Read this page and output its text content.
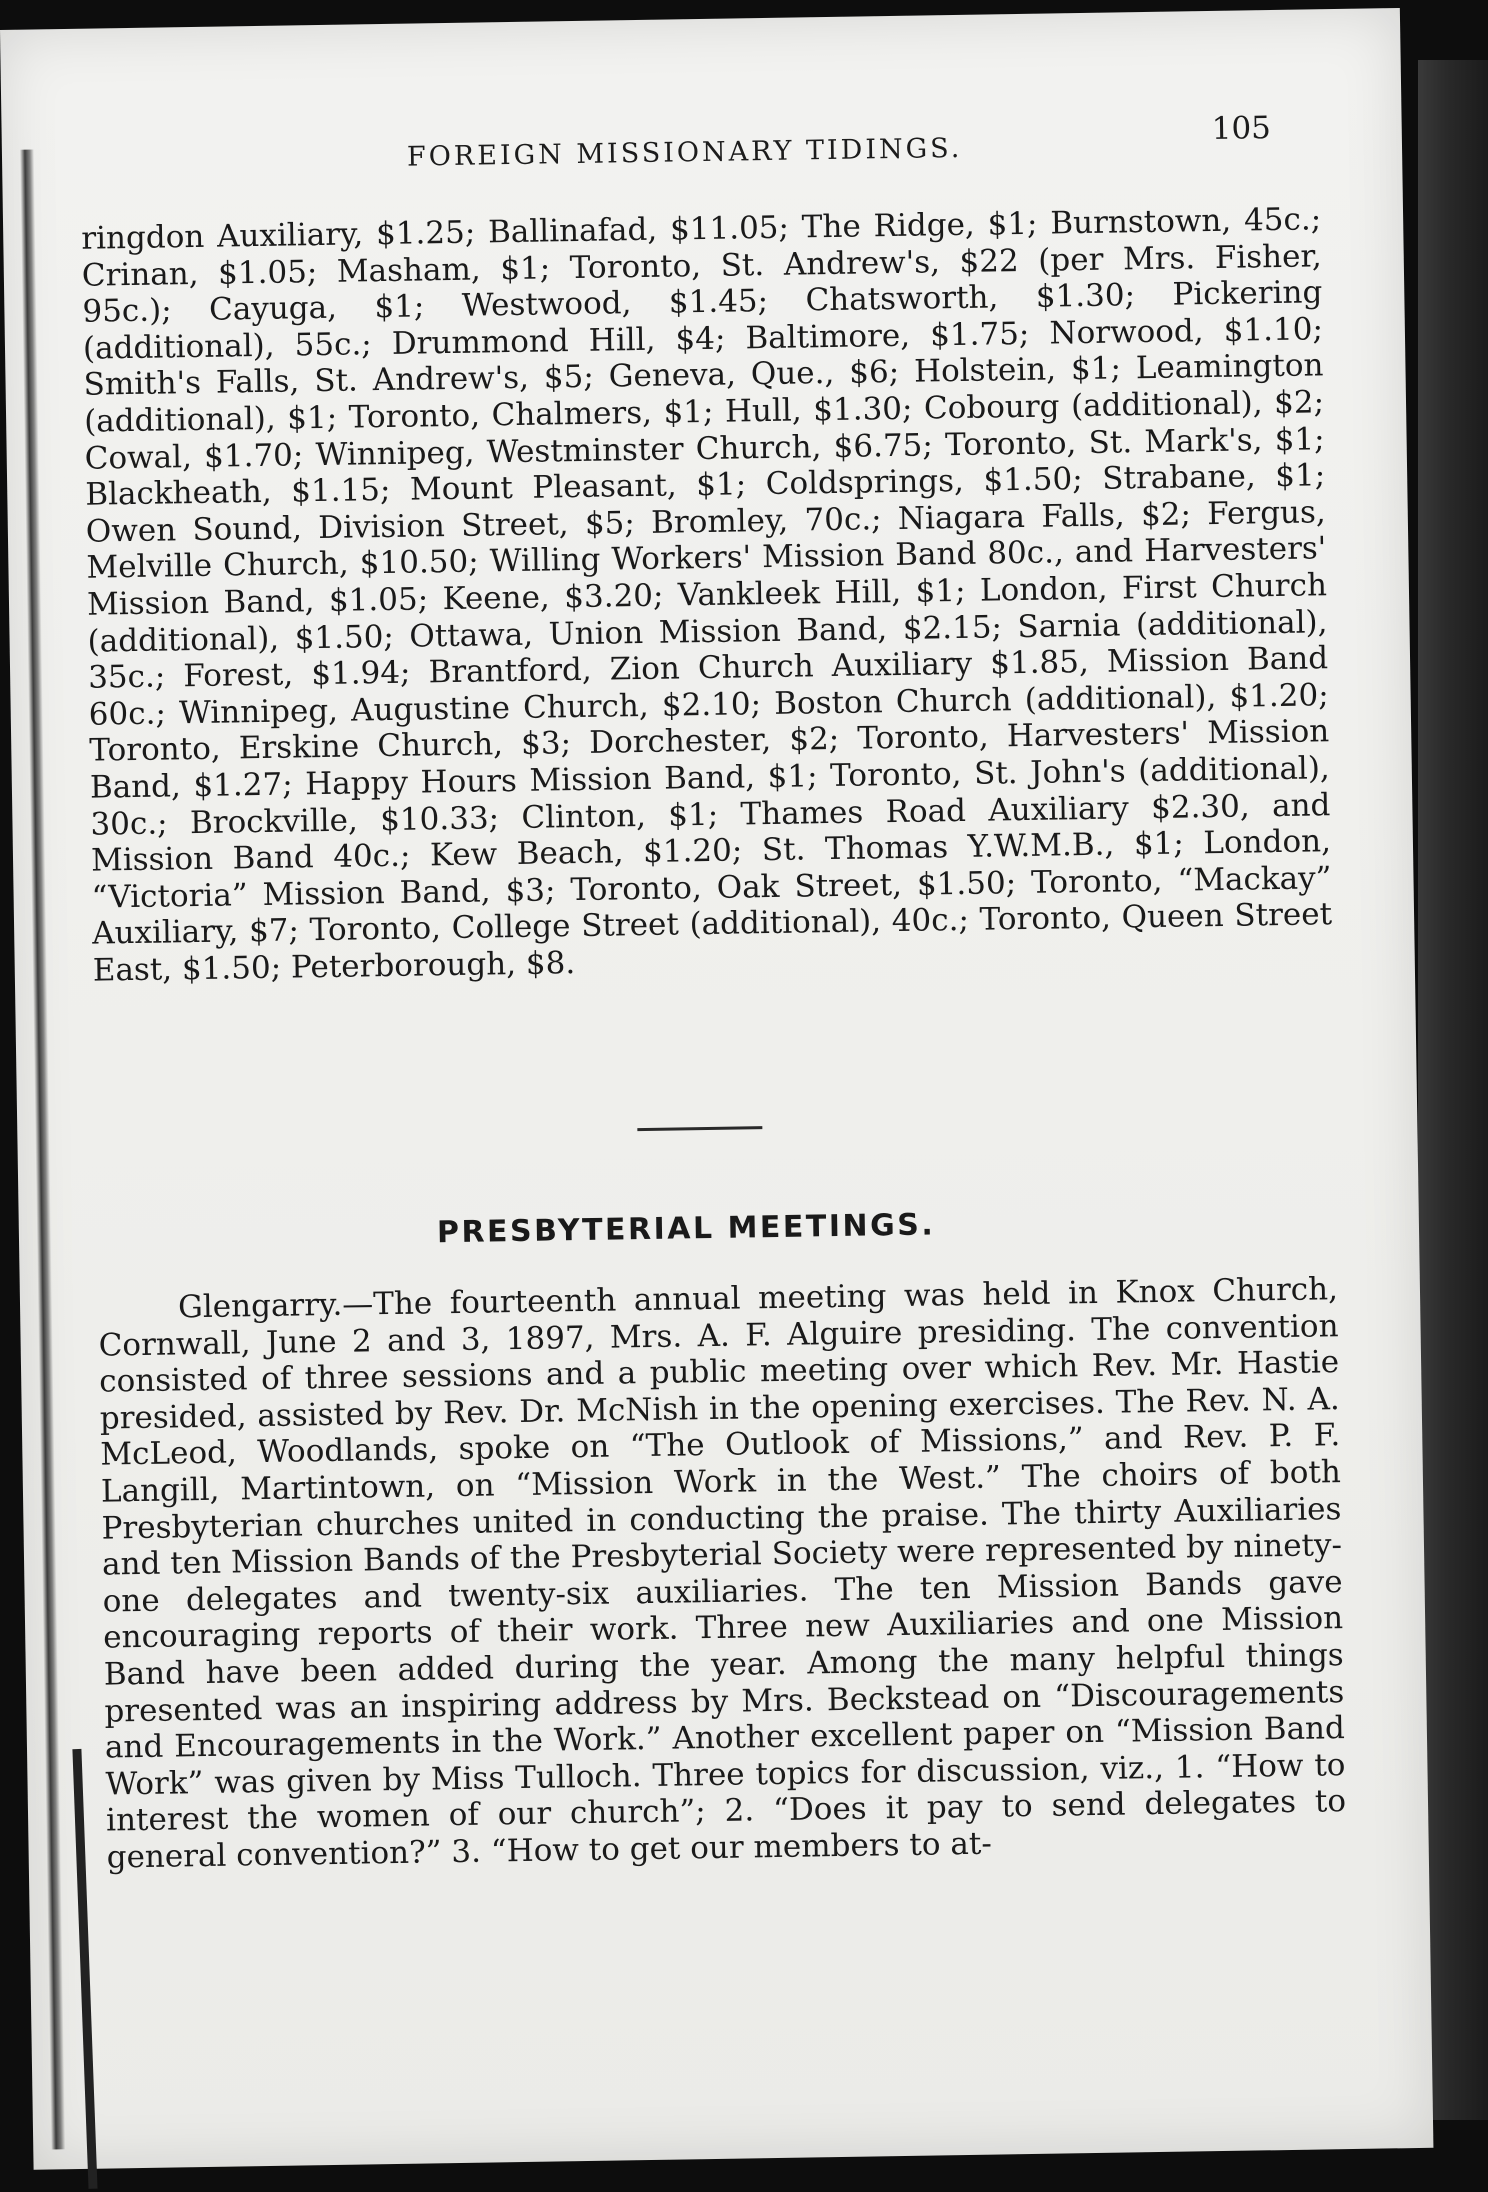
FOREIGN MISSIONARY TIDINGS.
105

ringdon Auxiliary, $1.25; Ballinafad, $11.05; The Ridge, $1; Burnstown, 45c.; Crinan, $1.05; Masham, $1; Toronto, St. Andrew's, $22 (per Mrs. Fisher, 95c.); Cayuga, $1; Westwood, $1.45; Chatsworth, $1.30; Pickering (additional), 55c.; Drummond Hill, $4; Baltimore, $1.75; Norwood, $1.10; Smith's Falls, St. Andrew's, $5; Geneva, Que., $6; Holstein, $1; Leamington (additional), $1; Toronto, Chalmers, $1; Hull, $1.30; Cobourg (additional), $2; Cowal, $1.70; Winnipeg, Westminster Church, $6.75; Toronto, St. Mark's, $1; Blackheath, $1.15; Mount Pleasant, $1; Coldsprings, $1.50; Strabane, $1; Owen Sound, Division Street, $5; Bromley, 70c.; Niagara Falls, $2; Fergus, Melville Church, $10.50; Willing Workers' Mission Band 80c., and Harvesters' Mission Band, $1.05; Keene, $3.20; Vankleek Hill, $1; London, First Church (additional), $1.50; Ottawa, Union Mission Band, $2.15; Sarnia (additional), 35c.; Forest, $1.94; Brantford, Zion Church Auxiliary $1.85, Mission Band 60c.; Winnipeg, Augustine Church, $2.10; Boston Church (additional), $1.20; Toronto, Erskine Church, $3; Dorchester, $2; Toronto, Harvesters' Mission Band, $1.27; Happy Hours Mission Band, $1; Toronto, St. John's (additional), 30c.; Brockville, $10.33; Clinton, $1; Thames Road Auxiliary $2.30, and Mission Band 40c.; Kew Beach, $1.20; St. Thomas Y.W.M.B., $1; London, “Victoria” Mission Band, $3; Toronto, Oak Street, $1.50; Toronto, “Mackay” Auxiliary, $7; Toronto, College Street (additional), 40c.; Toronto, Queen Street East, $1.50; Peterborough, $8.

PRESBYTERIAL MEETINGS.

Glengarry.—The fourteenth annual meeting was held in Knox Church, Cornwall, June 2 and 3, 1897, Mrs. A. F. Alguire presiding. The convention consisted of three sessions and a public meeting over which Rev. Mr. Hastie presided, assisted by Rev. Dr. McNish in the opening exercises. The Rev. N. A. McLeod, Woodlands, spoke on “The Outlook of Missions,” and Rev. P. F. Langill, Martintown, on “Mission Work in the West.” The choirs of both Presbyterian churches united in conducting the praise. The thirty Auxiliaries and ten Mission Bands of the Presbyterial Society were represented by ninety-one delegates and twenty-six auxiliaries. The ten Mission Bands gave encouraging reports of their work. Three new Auxiliaries and one Mission Band have been added during the year. Among the many helpful things presented was an inspiring address by Mrs. Beckstead on “Discouragements and Encouragements in the Work.” Another excellent paper on “Mission Band Work” was given by Miss Tulloch. Three topics for discussion, viz., 1. “How to interest the women of our church”; 2. “Does it pay to send delegates to general convention?” 3. “How to get our members to at-
